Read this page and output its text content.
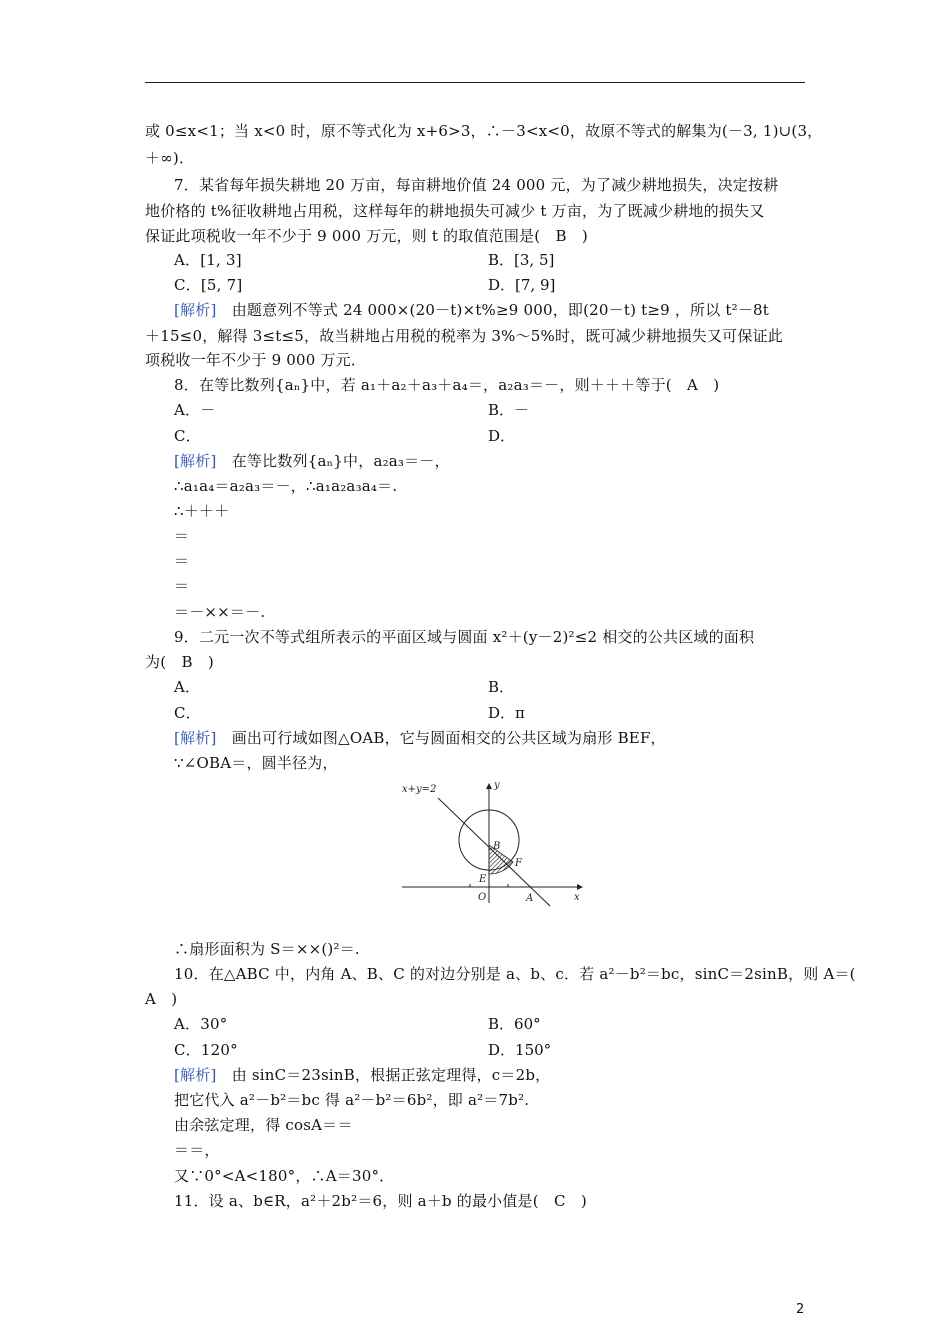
或 0≤x<1；当 x<0 时，原不等式化为 x+6>3，∴－3<x<0，故原不等式的解集为(－3, 1)∪(3，
＋∞)．
7．某省每年损失耕地 20 万亩，每亩耕地价值 24 000 元，为了减少耕地损失，决定按耕
地价格的 t%征收耕地占用税，这样每年的耕地损失可减少 t 万亩，为了既减少耕地的损失又
保证此项税收一年不少于 9 000 万元，则 t 的取值范围是(　B　)
A．[1, 3]	B．[3, 5]
C．[5, 7]	D．[7, 9]
[解析]　 由题意列不等式 24 000×(20－t)×t%≥9 000，即(20－t) t≥9 ，所以 t²－8t
＋15≤0，解得 3≤t≤5，故当耕地占用税的税率为 3%～5%时，既可减少耕地损失又可保证此
项税收一年不少于 9 000 万元．
8．在等比数列{aₙ}中，若 a₁＋a₂＋a₃＋a₄＝，a₂a₃＝－，则＋＋＋等于(　A　)
A．－	B．－
C．	D．
[解析]　 在等比数列{aₙ}中，a₂a₃＝－，
∴a₁a₄＝a₂a₃＝－，∴a₁a₂a₃a₄＝.
∴＋＋＋
＝
＝
＝
＝－××＝－.
9．二元一次不等式组所表示的平面区域与圆面 x²＋(y－2)²≤2 相交的公共区域的面积
为(　B　)
A．	B．
C．	D．π
[解析]　 画出可行域如图△OAB，它与圆面相交的公共区域为扇形 BEF，
∵∠OBA＝，圆半径为，
x+y=2	y
x
B
F
E
O	A
∴扇形面积为 S＝××()²＝.
10．在△ABC 中，内角 A、B、C 的对边分别是 a、b、c．若 a²－b²＝bc，sinC＝2sinB，则 A＝(
A　)
A．30°	B．60°
C．120°	D．150°
[解析]　 由 sinC＝23sinB，根据正弦定理得，c＝2b，
把它代入 a²－b²＝bc 得 a²－b²＝6b²，即 a²＝7b².
由余弦定理，得 cosA＝＝
＝＝，
又∵0°<A<180°，∴A＝30°．
11．设 a、b∈R，a²＋2b²＝6，则 a＋b 的最小值是(　C　)
2
